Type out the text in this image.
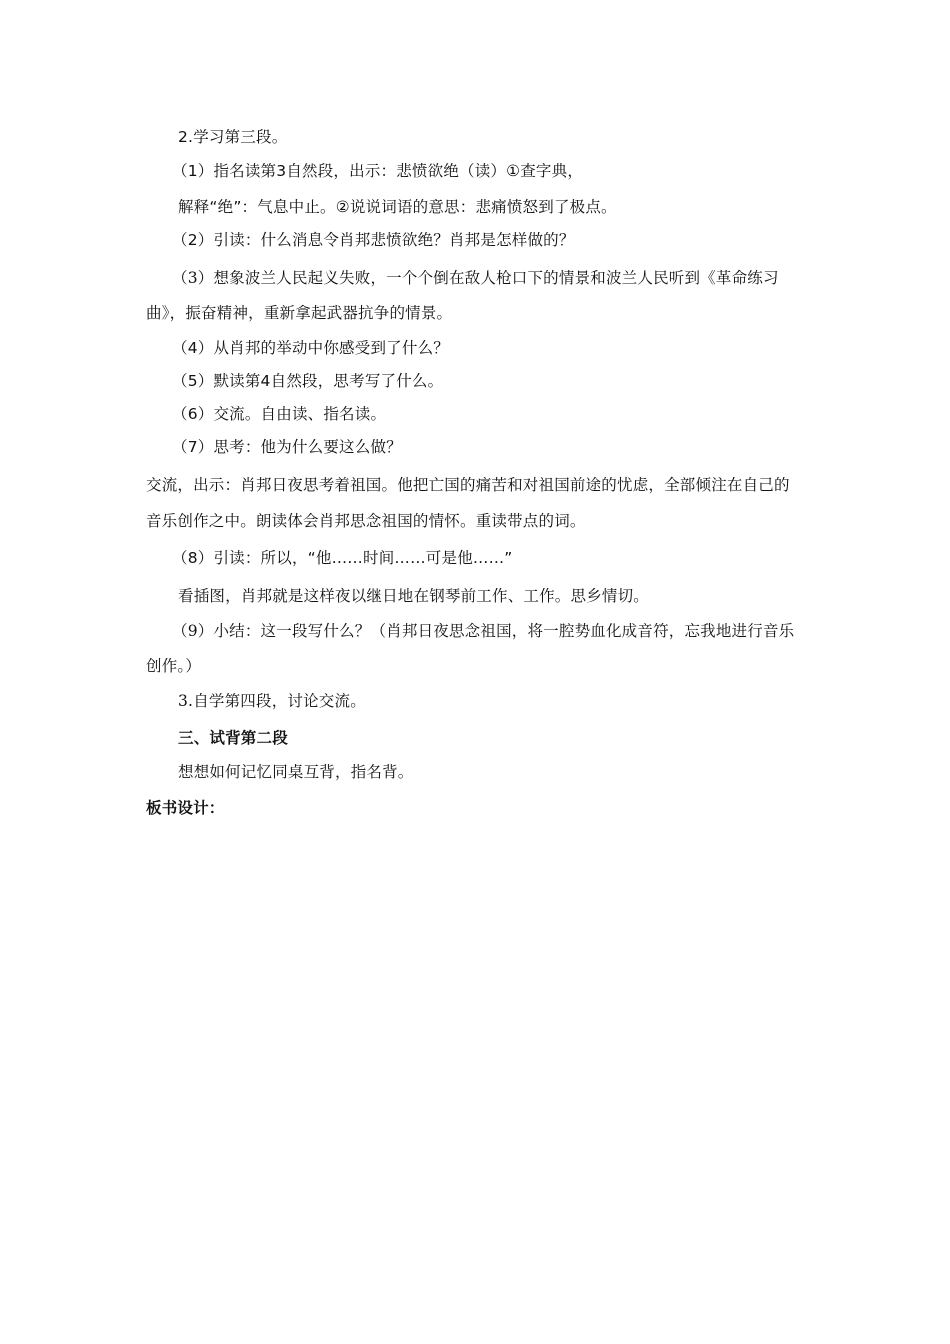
2.学习第三段。
（1）指名读第3自然段，出示：悲愤欲绝（读）①查字典，
解释“绝”：气息中止。②说说词语的意思：悲痛愤怒到了极点。
（2）引读：什么消息令肖邦悲愤欲绝？肖邦是怎样做的？
（3）想象波兰人民起义失败，一个个倒在敌人枪口下的情景和波兰人民听到《革命练习
曲》，振奋精神，重新拿起武器抗争的情景。
（4）从肖邦的举动中你感受到了什么？
（5）默读第4自然段，思考写了什么。
（6）交流。自由读、指名读。
（7）思考：他为什么要这么做？
交流，出示：肖邦日夜思考着祖国。他把亡国的痛苦和对祖国前途的忧虑，全部倾注在自己的
音乐创作之中。朗读体会肖邦思念祖国的情怀。重读带点的词。
（8）引读：所以，“他……时间……可是他……”
看插图，肖邦就是这样夜以继日地在钢琴前工作、工作。思乡情切。
（9）小结：这一段写什么？（肖邦日夜思念祖国，将一腔势血化成音符，忘我地进行音乐
创作。）
3.自学第四段，讨论交流。
三、试背第二段
想想如何记忆同桌互背，指名背。
板书设计：
